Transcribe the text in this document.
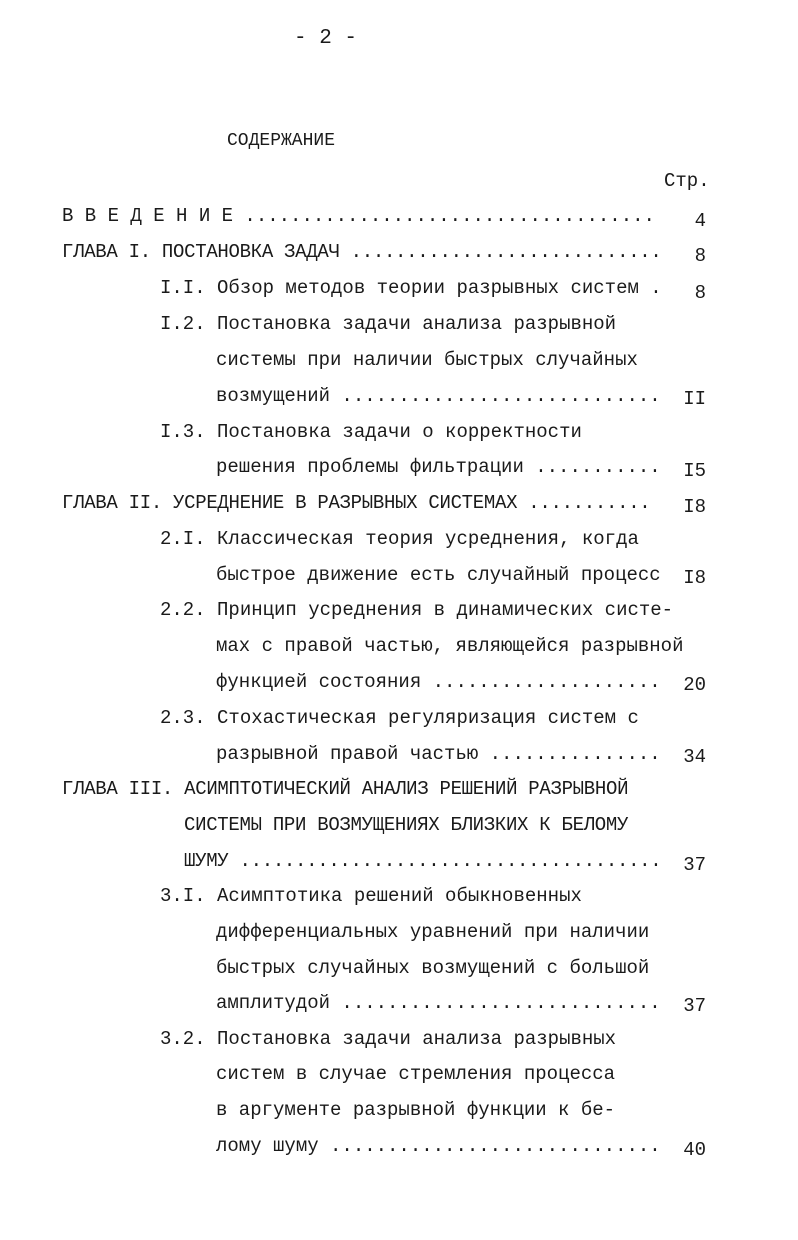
- 2 -
СОДЕРЖАНИЕ
Стр.
В В Е Д Е Н И Е .................................... 4
ГЛАВА I. ПОСТАНОВКА ЗАДАЧ ............................ 8
I.I. Обзор методов теории разрывных систем . 8
I.2. Постановка задачи анализа разрывной
системы при наличии быстрых случайных
возмущений ............................ II
I.3. Постановка задачи о корректности
решения проблемы фильтрации ........... I5
ГЛАВА II. УСРЕДНЕНИЕ В РАЗРЫВНЫХ СИСТЕМАХ ........... I8
2.I. Классическая теория усреднения, когда
быстрое движение есть случайный процесс I8
2.2. Принцип усреднения в динамических систе-
мах с правой частью, являющейся разрывной
функцией состояния .................... 20
2.3. Стохастическая регуляризация систем с
разрывной правой частью ............... 34
ГЛАВА III. АСИМПТОТИЧЕСКИЙ АНАЛИЗ РЕШЕНИЙ РАЗРЫВНОЙ
СИСТЕМЫ ПРИ ВОЗМУЩЕНИЯХ БЛИЗКИХ К БЕЛОМУ
ШУМУ ...................................... 37
3.I. Асимптотика решений обыкновенных
дифференциальных уравнений при наличии
быстрых случайных возмущений с большой
амплитудой ............................ 37
3.2. Постановка задачи анализа разрывных
систем в случае стремления процесса
в аргументе разрывной функции к бе-
лому шуму ............................. 40
